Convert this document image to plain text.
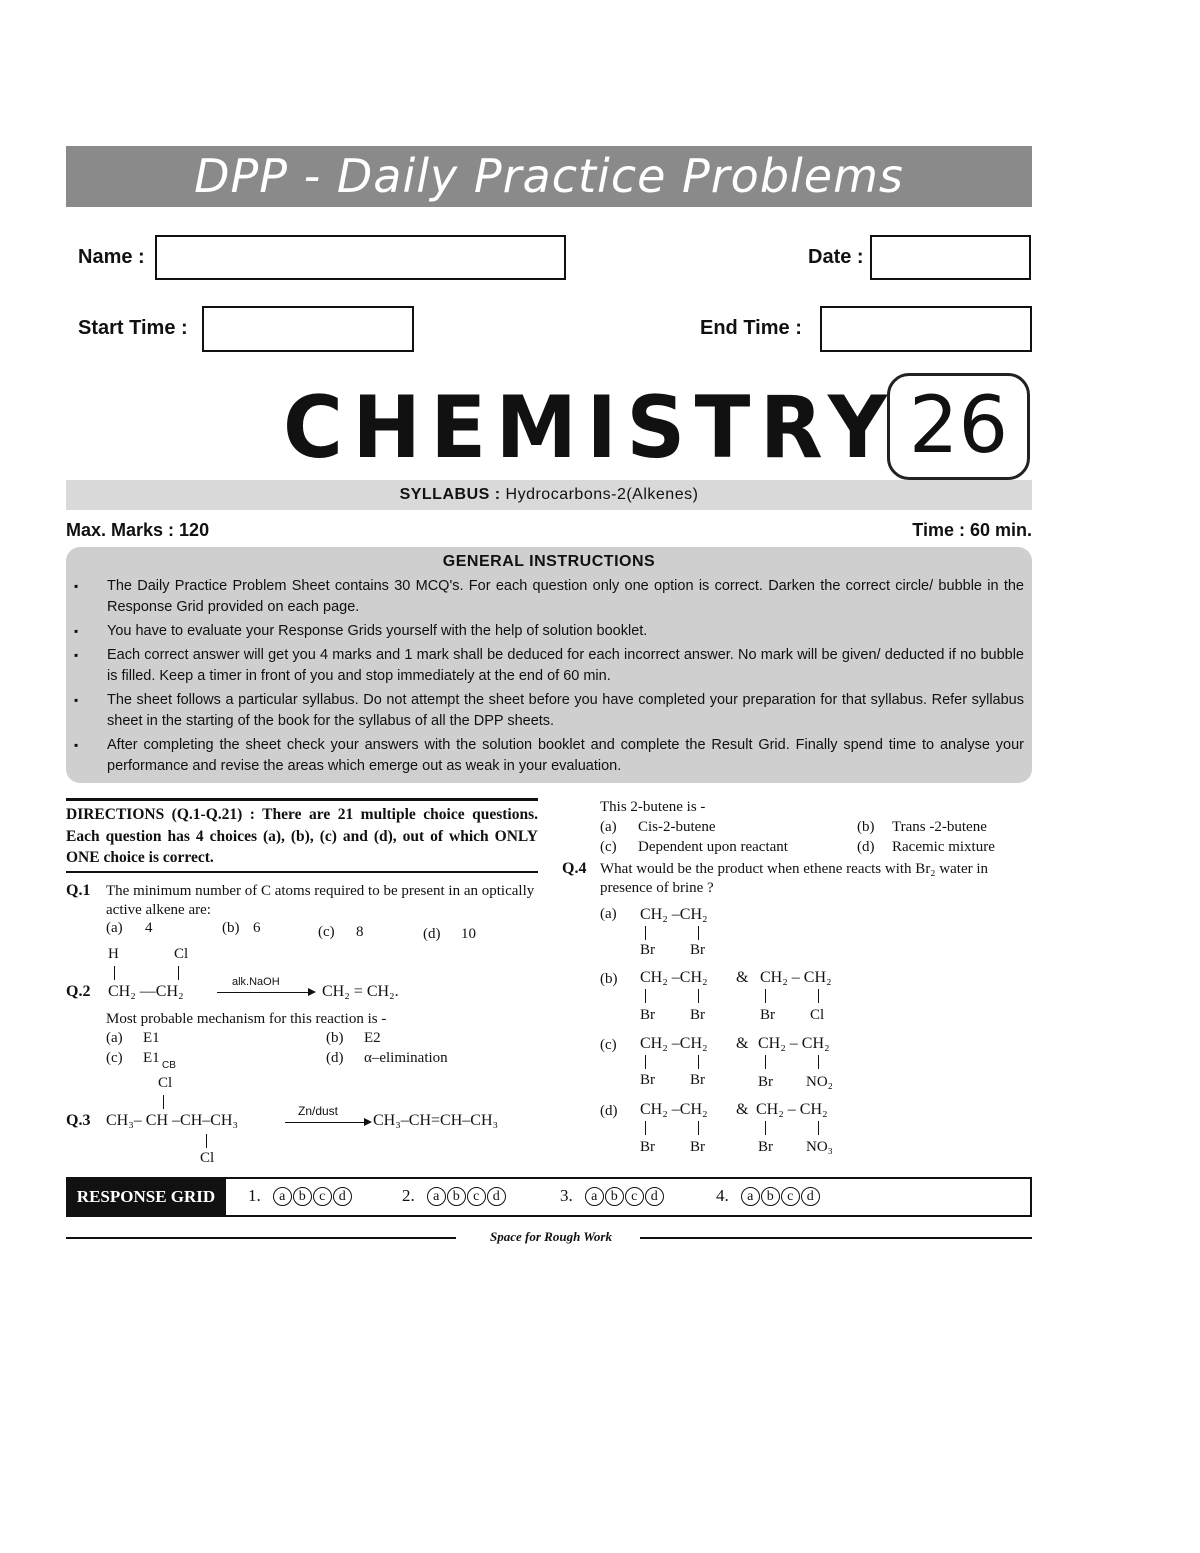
DPP - Daily Practice Problems
Name :	Date :
Start Time :	End Time :
CHEMISTRY 26
SYLLABUS : Hydrocarbons-2(Alkenes)
Max. Marks : 120	Time : 60 min.
GENERAL INSTRUCTIONS
▪ The Daily Practice Problem Sheet contains 30 MCQ's. For each question only one option is correct. Darken the correct circle/ bubble in the Response Grid provided on each page.
▪ You have to evaluate your Response Grids yourself with the help of solution booklet.
▪ Each correct answer will get you 4 marks and 1 mark shall be deduced for each incorrect answer. No mark will be given/ deducted if no bubble is filled. Keep a timer in front of you and stop immediately at the end of 60 min.
▪ The sheet follows a particular syllabus. Do not attempt the sheet before you have completed your preparation for that syllabus. Refer syllabus sheet in the starting of the book for the syllabus of all the DPP sheets.
▪ After completing the sheet check your answers with the solution booklet and complete the Result Grid. Finally spend time to analyse your performance and revise the areas which emerge out as weak in your evaluation.
DIRECTIONS (Q.1-Q.21) : There are 21 multiple choice questions. Each question has 4 choices (a), (b), (c) and (d), out of which ONLY ONE choice is correct.
Q.1 The minimum number of C atoms required to be present in an optically active alkene are:
(a) 4	(b) 6	(c) 8	(d) 10
H	Cl
Q.2 CH₂ —CH₂
alk.NaOH
CH₂ = CH₂.
Most probable mechanism for this reaction is -
(a) E1	(b) E2
(c) E1 CB	(d) α–elimination
Cl
Q.3 CH₃– CH –CH–CH₃
Zn/dust
CH₃–CH=CH–CH₃
Cl
This 2-butene is -
(a) Cis-2-butene	(b) Trans -2-butene
(c) Dependent upon reactant	(d) Racemic mixture
Q.4 What would be the product when ethene reacts with Br₂ water in presence of brine ?
(a) CH₂ –CH₂
Br Br
(b) CH₂ –CH₂ & CH₂ – CH₂
Br Br	Br Cl
(c) CH₂ –CH₂ & CH₂ – CH₂
Br Br	Br NO₂
(d) CH₂ –CH₂ & CH₂ – CH₂
Br Br	Br NO₃
RESPONSE GRID	1.	a b c d	2.	a b c d	3.	a b c d	4.	a b c d
Space for Rough Work
